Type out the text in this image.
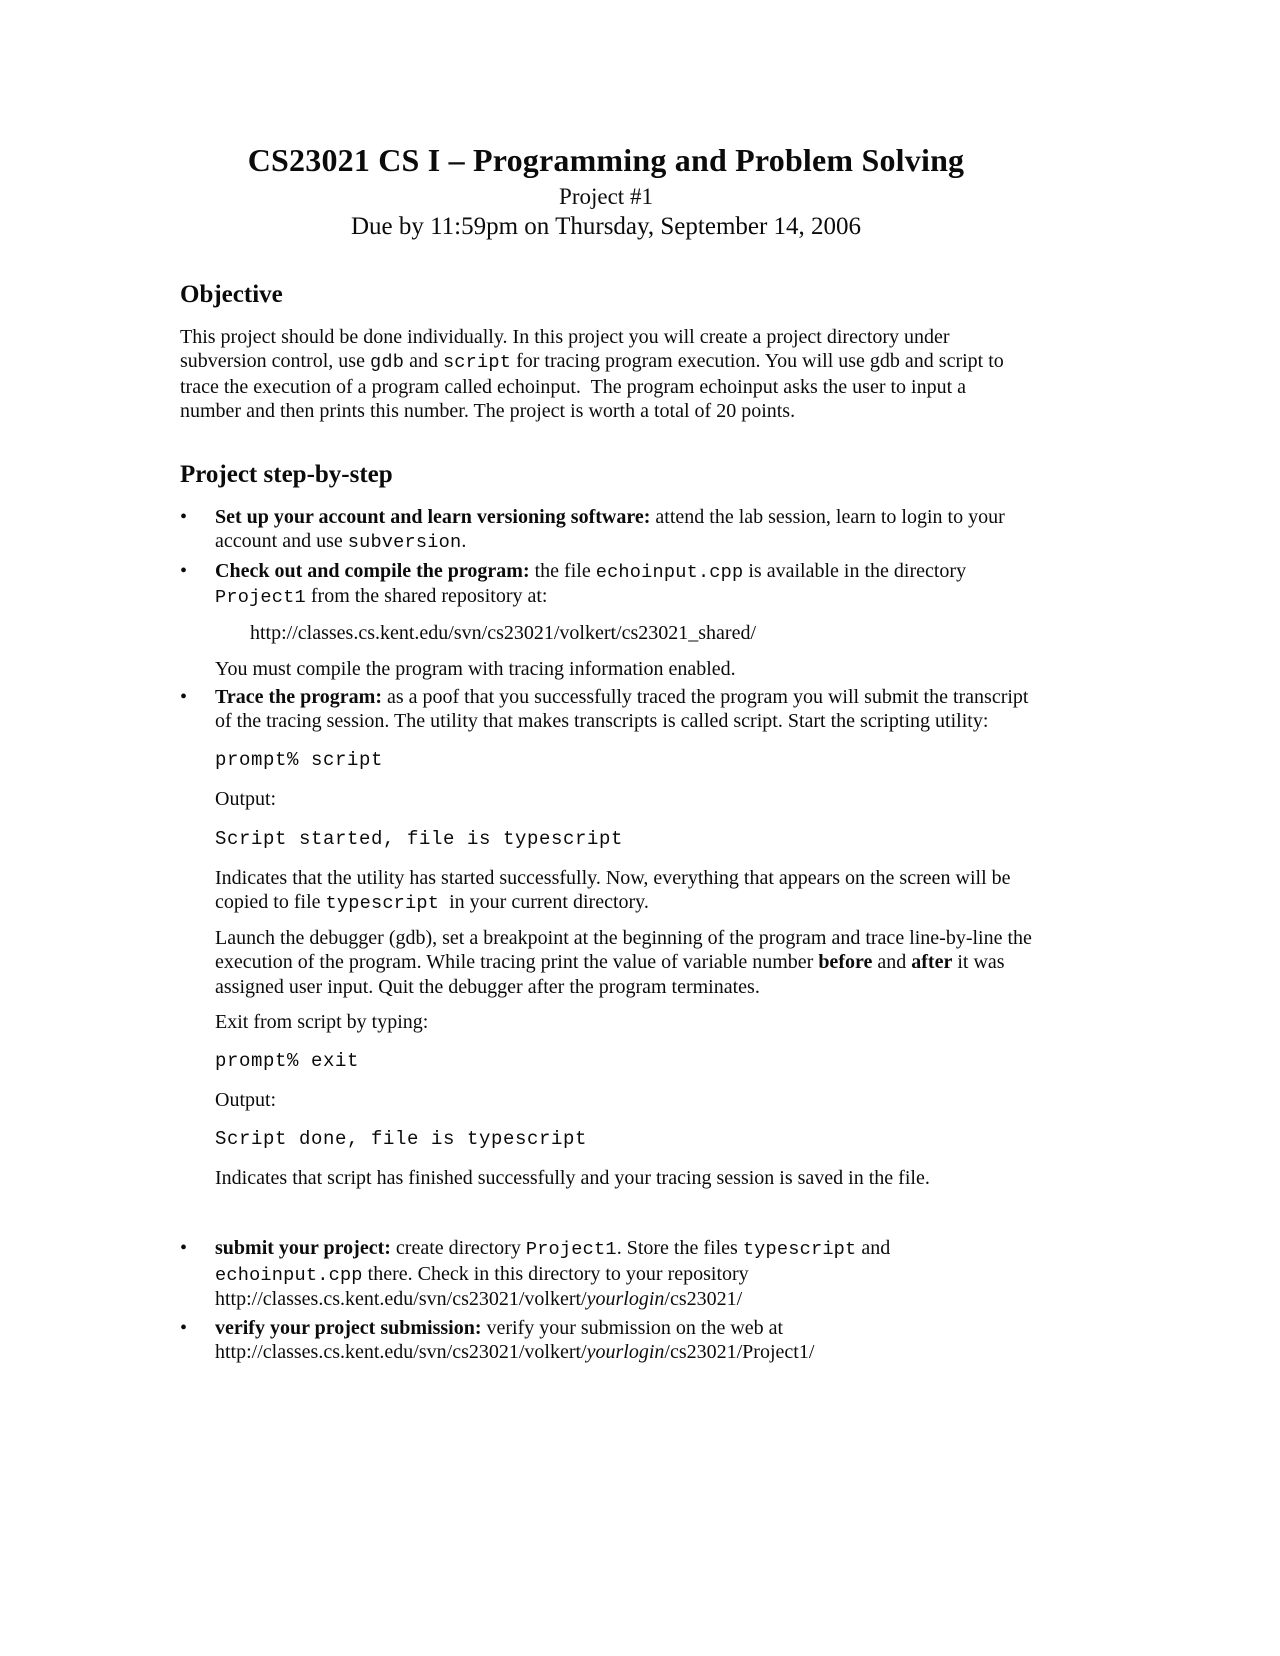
CS23021 CS I – Programming and Problem Solving
Project #1
Due by 11:59pm on Thursday, September 14, 2006
Objective

This project should be done individually. In this project you will create a project directory under subversion control, use gdb and script for tracing program execution. You will use gdb and script to trace the execution of a program called echoinput.  The program echoinput asks the user to input a number and then prints this number. The project is worth a total of 20 points.

Project step-by-step
•	Set up your account and learn versioning software: attend the lab session, learn to login to your account and use subversion.

•	Check out and compile the program: the file echoinput.cpp is available in the directory Project1 from the shared repository at:

http://classes.cs.kent.edu/svn/cs23021/volkert/cs23021_shared/

You must compile the program with tracing information enabled.

•	Trace the program: as a poof that you successfully traced the program you will submit the transcript of the tracing session. The utility that makes transcripts is called script. Start the scripting utility:

prompt% script

Output:

Script started, file is typescript

Indicates that the utility has started successfully. Now, everything that appears on the screen will be copied to file typescript  in your current directory.

Launch the debugger (gdb), set a breakpoint at the beginning of the program and trace line-by-line the execution of the program. While tracing print the value of variable number before and after it was assigned user input. Quit the debugger after the program terminates.

Exit from script by typing:

prompt% exit

Output:

Script done, file is typescript

Indicates that script has finished successfully and your tracing session is saved in the file.

•	submit your project: create directory Project1. Store the files typescript and echoinput.cpp there. Check in this directory to your repository http://classes.cs.kent.edu/svn/cs23021/volkert/yourlogin/cs23021/

•	verify your project submission: verify your submission on the web at http://classes.cs.kent.edu/svn/cs23021/volkert/yourlogin/cs23021/Project1/
